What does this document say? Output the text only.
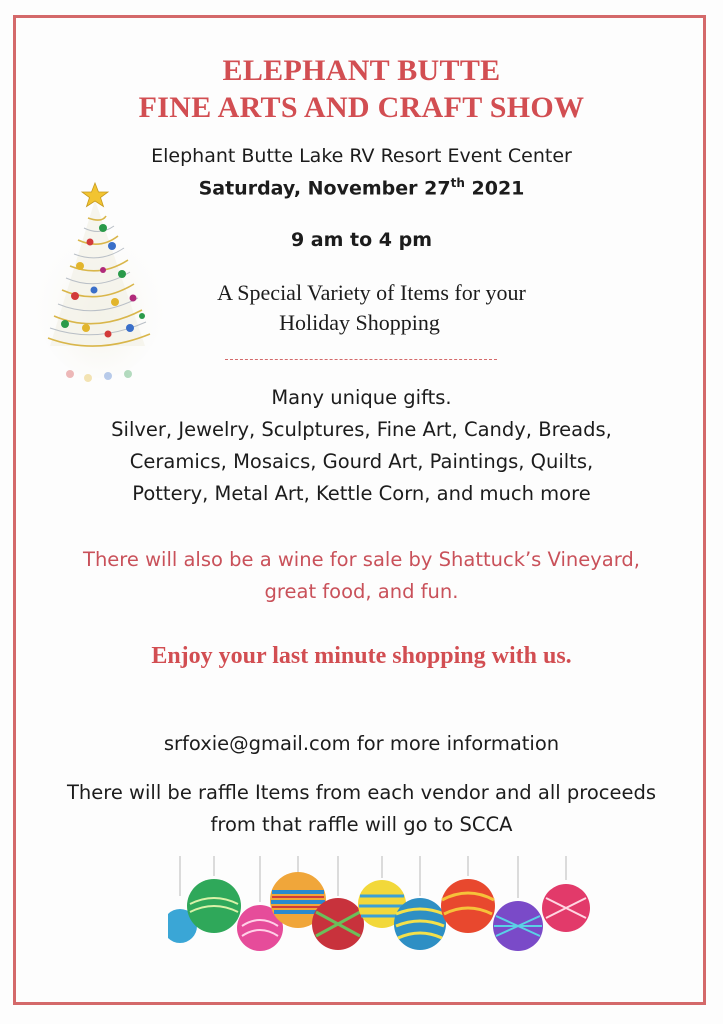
ELEPHANT BUTTE
FINE ARTS AND CRAFT SHOW
Elephant Butte Lake RV Resort Event Center
Saturday, November 27th 2021
9 am to 4 pm
A Special Variety of Items for your
Holiday Shopping
Many unique gifts.
Silver, Jewelry, Sculptures, Fine Art, Candy, Breads,
Ceramics, Mosaics, Gourd Art, Paintings, Quilts,
Pottery, Metal Art, Kettle Corn, and much more
There will also be a wine for sale by Shattuck’s Vineyard,
great food, and fun.
Enjoy your last minute shopping with us.
srfoxie@gmail.com for more information
There will be raffle Items from each vendor and all proceeds
from that raffle will go to SCCA
